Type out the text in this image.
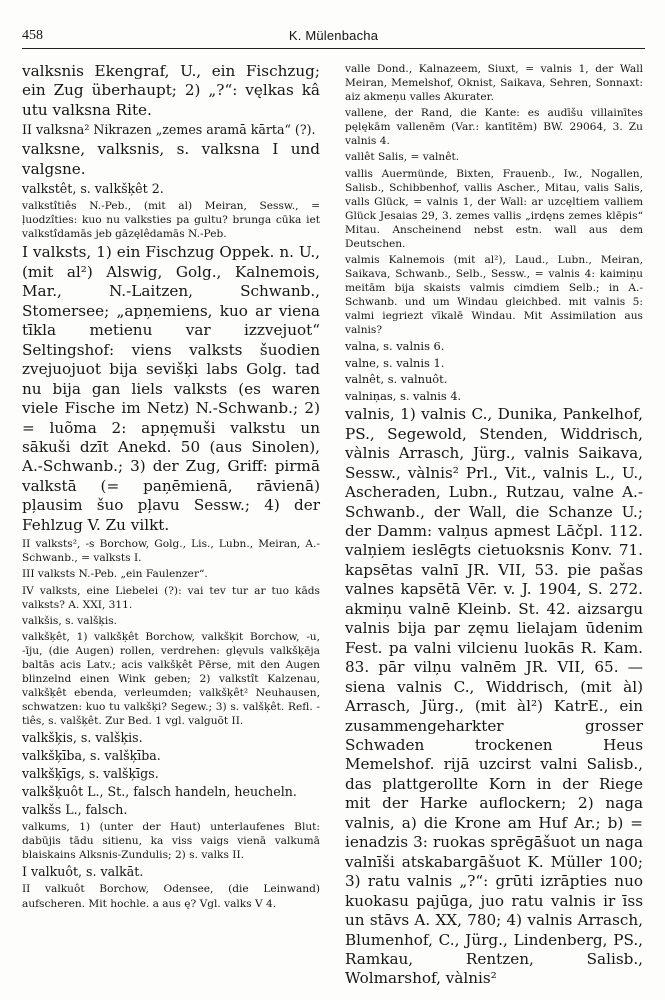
458	K. Mülenbacha

valksnis Ekengraf, U., ein Fischzug; ein Zug überhaupt; 2) „?“: vęlkas kâ utu valksna Rite.

II valksna² Nikrazen „zemes aramā kārta“ (?).

valksne, valksnis, s. valksna I und valgsne.

valkstêt, s. valkšķêt 2.

valkstîtiês N.-Peb., (mit al) Meiran, Sessw., = ļuodzîties: kuo nu valksties pa gultu? brunga cūka iet valkstîdamās jeb gāzęlêdamās N.-Peb.

I valksts, 1) ein Fischzug Oppek. n. U., (mit al²) Alswig, Golg., Kalnemois, Mar., N.-Laitzen, Schwanb., Stomersee; „apņemiens, kuo ar viena tīkla metienu var izzvejuot“ Seltingshof: viens valksts šuodien zvejuojuot bija sevišķi labs Golg. tad nu bija gan liels valksts (es waren viele Fische im Netz) N.-Schwanb.; 2) = luõma 2: apņęmuši valkstu un sākuši dzīt Anekd. 50 (aus Sinolen), A.-Schwanb.; 3) der Zug, Griff: pirmā valkstā (= paņēmienā, rāvienā) pļausim šuo pļavu Sessw.; 4) der Fehlzug V. Zu vilkt.

II valksts², -s Borchow, Golg., Lis., Lubn., Meiran, A.-Schwanb., = valksts I.

III valksts N.-Peb. „ein Faulenzer“.

IV valksts, eine Liebelei (?): vai tev tur ar tuo kāds valksts? A. XXI, 311.

valkšis, s. valšķis.

valkšķêt, 1) valkšķêt Borchow, valkšķit Borchow, -u, -īju, (die Augen) rollen, verdrehen: glęvuls valkšķēja baltās acis Latv.; acis valkšķêt Pērse, mit den Augen blinzelnd einen Wink geben; 2) valkstît Kalzenau, valkšķêt ebenda, verleumden; valkšķêt² Neuhausen, schwatzen: kuo tu valkšķi? Segew.; 3) s. valšķêt. Refl. -tiês, s. valšķêt. Zur Bed. 1 vgl. valguõt II.

valkšķis, s. valšķis.

valkšķība, s. valšķība.

valkšķīgs, s. valšķīgs.

valkšķuôt L., St., falsch handeln, heucheln.

valkšs L., falsch.

valkums, 1) (unter der Haut) unterlaufenes Blut: dabūjis tādu sitienu, ka viss vaigs vienā valkumā blaiskains Alksnis-Zundulis; 2) s. valks II.

I valkuôt, s. valkāt.

II valkuôt Borchow, Odensee, (die Leinwand) aufscheren. Mit hochle. a aus ę? Vgl. valks V 4.

valle Dond., Kalnazeem, Siuxt, = valnis 1, der Wall Meiran, Memelshof, Oknist, Saikava, Sehren, Sonnaxt: aiz akmeņu valles Akurater.

vallene, der Rand, die Kante: es audīšu villainītes pęlękām vallenēm (Var.: kantītēm) BW. 29064, 3. Zu valnis 4.

vallêt Salis, = valnêt.

vallis Auermünde, Bixten, Frauenb., Iw., Nogallen, Salisb., Schibbenhof, vallis Ascher., Mitau, valis Salis, valls Glück, = valnis 1, der Wall: ar uzcęltiem valliem Glück Jesaias 29, 3. zemes vallis „irdęns zemes klēpis“ Mitau. Anscheinend nebst estn. wall aus dem Deutschen.

valmis Kalnemois (mit al²), Laud., Lubn., Meiran, Saikava, Schwanb., Selb., Sessw., = valnis 4: kaimiņu meitām bija skaists valmis cimdiem Selb.; in A.-Schwanb. und um Windau gleichbed. mit valnis 5: valmi iegriezt vīkalē Windau. Mit Assimilation aus valnis?

valna, s. valnis 6.

valne, s. valnis 1.

valnêt, s. valnuôt.

valniņas, s. valnis 4.

valnis, 1) valnis C., Dunika, Pankelhof, PS., Segewold, Stenden, Widdrisch, vàlnis Arrasch, Jürg., valnis Saikava, Sessw., vàlnis² Prl., Vit., valnis L., U., Ascheraden, Lubn., Rutzau, valne A.-Schwanb., der Wall, die Schanze U.; der Damm: valņus apmest Lāčpl. 112. valņiem ieslēgts cietuoksnis Konv. 71. kapsētas valnī JR. VII, 53. pie pašas valnes kapsētā Vēr. v. J. 1904, S. 272. akmiņu valnē Kleinb. St. 42. aizsargu valnis bija par zęmu lielajam ūdenim Fest. pa valni vilcienu luokās R. Kam. 83. pār vilņu valnēm JR. VII, 65. — siena valnis C., Widdrisch, (mit àl) Arrasch, Jürg., (mit àl²) KatrE., ein zusammengeharkter grosser Schwaden trockenen Heus Memelshof. rijā uzcirst valni Salisb., das plattgerollte Korn in der Riege mit der Harke auflockern; 2) naga valnis, a) die Krone am Huf Ar.; b) = ienadzis 3: ruokas sprēgāšuot un naga valnīši atskabargāšuot K. Müller 100; 3) ratu valnis „?“: grūti izrāpties nuo kuokasu pajūga, juo ratu valnis ir īss un stāvs A. XX, 780; 4) valnis Arrasch, Blumenhof, C., Jürg., Lindenberg, PS., Ramkau, Rentzen, Salisb., Wolmarshof, vàlnis²
